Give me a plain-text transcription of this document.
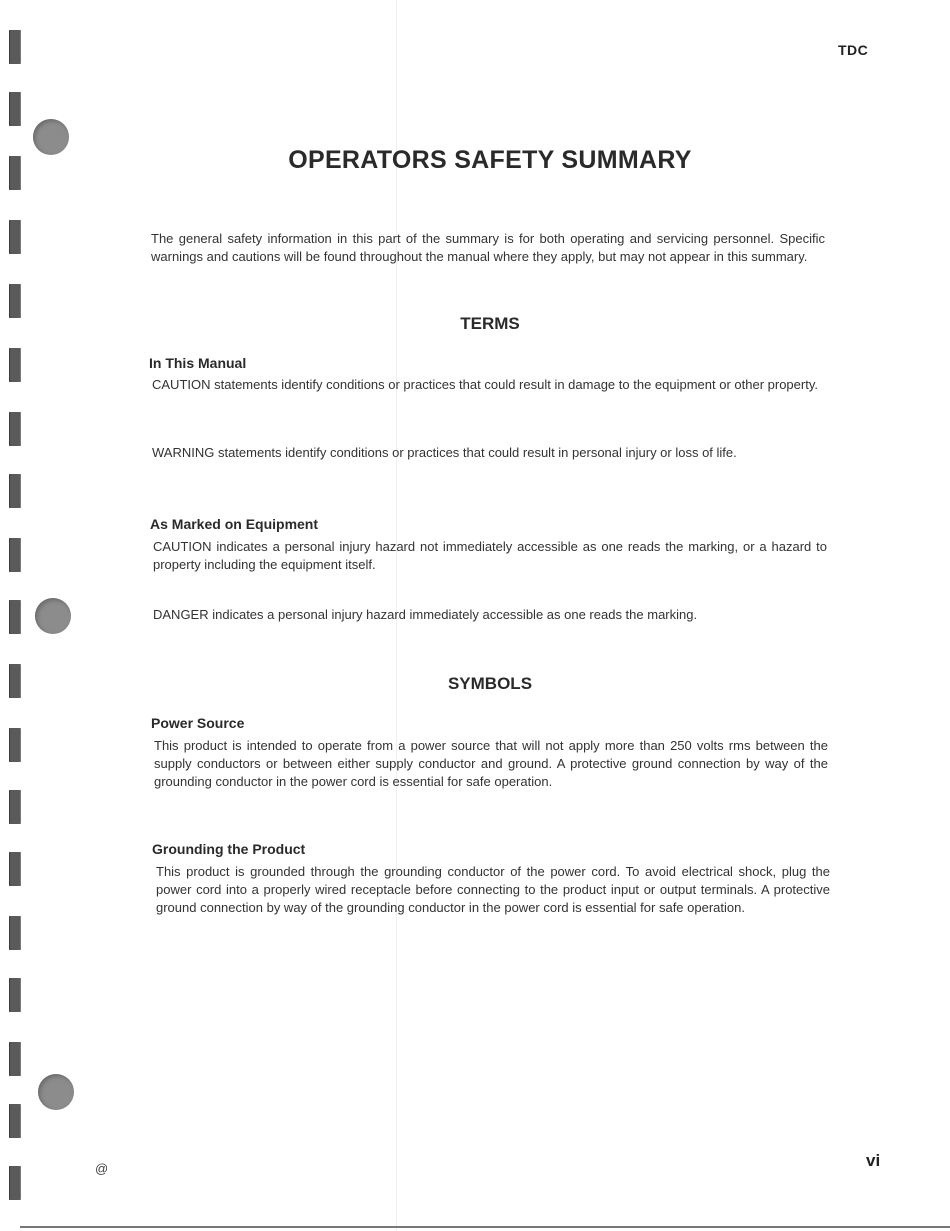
TDC
OPERATORS SAFETY SUMMARY
The general safety information in this part of the summary is for both operating and servicing personnel. Specific warnings and cautions will be found throughout the manual where they apply, but may not appear in this summary.
TERMS
In This Manual
CAUTION statements identify conditions or practices that could result in damage to the equipment or other property.
WARNING statements identify conditions or practices that could result in personal injury or loss of life.
As Marked on Equipment
CAUTION indicates a personal injury hazard not immediately accessible as one reads the marking, or a hazard to property including the equipment itself.
DANGER indicates a personal injury hazard immediately accessible as one reads the marking.
SYMBOLS
Power Source
This product is intended to operate from a power source that will not apply more than 250 volts rms between the supply conductors or between either supply conductor and ground. A protective ground connection by way of the grounding conductor in the power cord is essential for safe operation.
Grounding the Product
This product is grounded through the grounding conductor of the power cord. To avoid electrical shock, plug the power cord into a properly wired receptacle before connecting to the product input or output terminals. A protective ground connection by way of the grounding conductor in the power cord is essential for safe operation.
@	vi
